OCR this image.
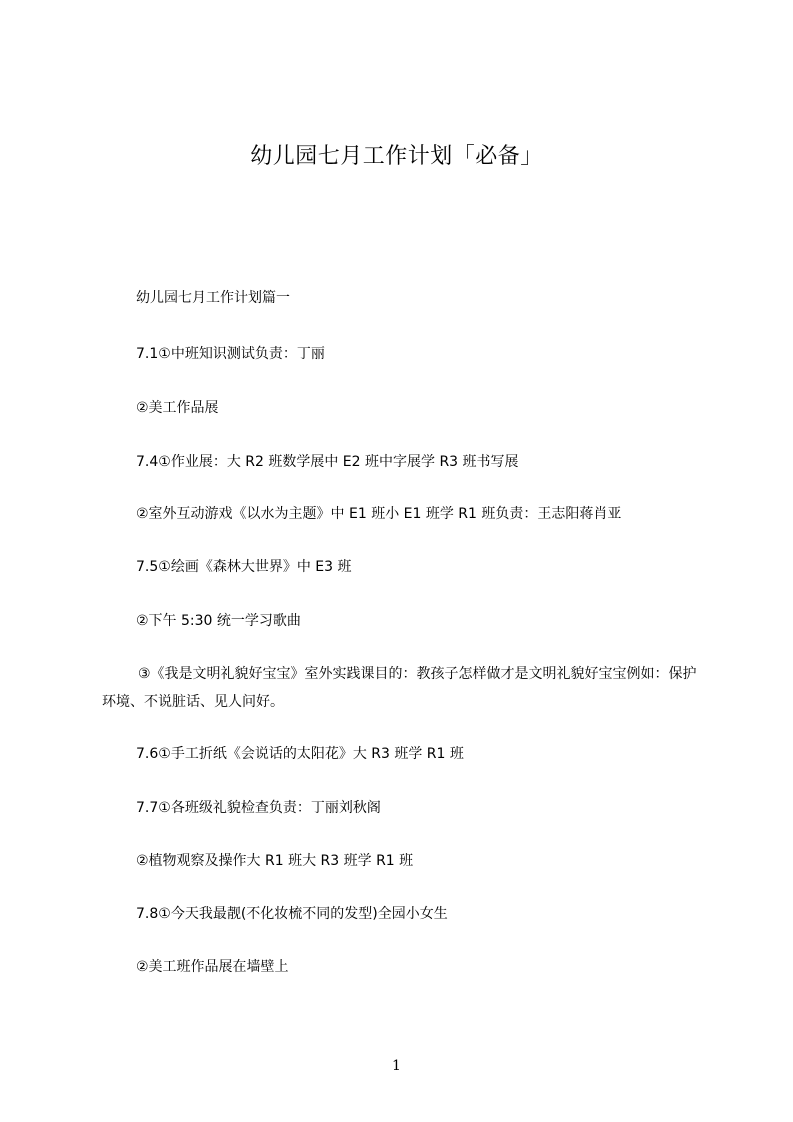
幼儿园七月工作计划「必备」
幼儿园七月工作计划篇一
7.1①中班知识测试负责：丁丽
②美工作品展
7.4①作业展：大 R2 班数学展中 E2 班中字展学 R3 班书写展
②室外互动游戏《以水为主题》中 E1 班小 E1 班学 R1 班负责：王志阳蒋肖亚
7.5①绘画《森林大世界》中 E3 班
②下午 5:30 统一学习歌曲
③《我是文明礼貌好宝宝》室外实践课目的：教孩子怎样做才是文明礼貌好宝宝例如：保护环境、不说脏话、见人问好。
7.6①手工折纸《会说话的太阳花》大 R3 班学 R1 班
7.7①各班级礼貌检查负责：丁丽刘秋阁
②植物观察及操作大 R1 班大 R3 班学 R1 班
7.8①今天我最靓(不化妆梳不同的发型)全园小女生
②美工班作品展在墙壁上
1
